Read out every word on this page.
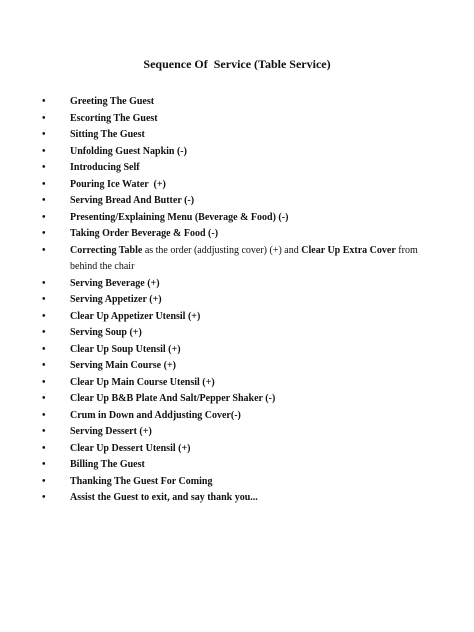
Sequence Of  Service (Table Service)
• Greeting The Guest
• Escorting The Guest
• Sitting The Guest
• Unfolding Guest Napkin (-)
• Introducing Self
• Pouring Ice Water  (+)
• Serving Bread And Butter (-)
• Presenting/Explaining Menu (Beverage & Food) (-)
• Taking Order Beverage & Food (-)
• Correcting Table as the order (addjusting cover) (+) and Clear Up Extra Cover from behind the chair
• Serving Beverage (+)
• Serving Appetizer (+)
• Clear Up Appetizer Utensil (+)
• Serving Soup (+)
• Clear Up Soup Utensil (+)
• Serving Main Course (+)
• Clear Up Main Course Utensil (+)
• Clear Up B&B Plate And Salt/Pepper Shaker (-)
• Crum in Down and Addjusting Cover(-)
• Serving Dessert (+)
• Clear Up Dessert Utensil (+)
• Billing The Guest
• Thanking The Guest For Coming
• Assist the Guest to exit, and say thank you...
